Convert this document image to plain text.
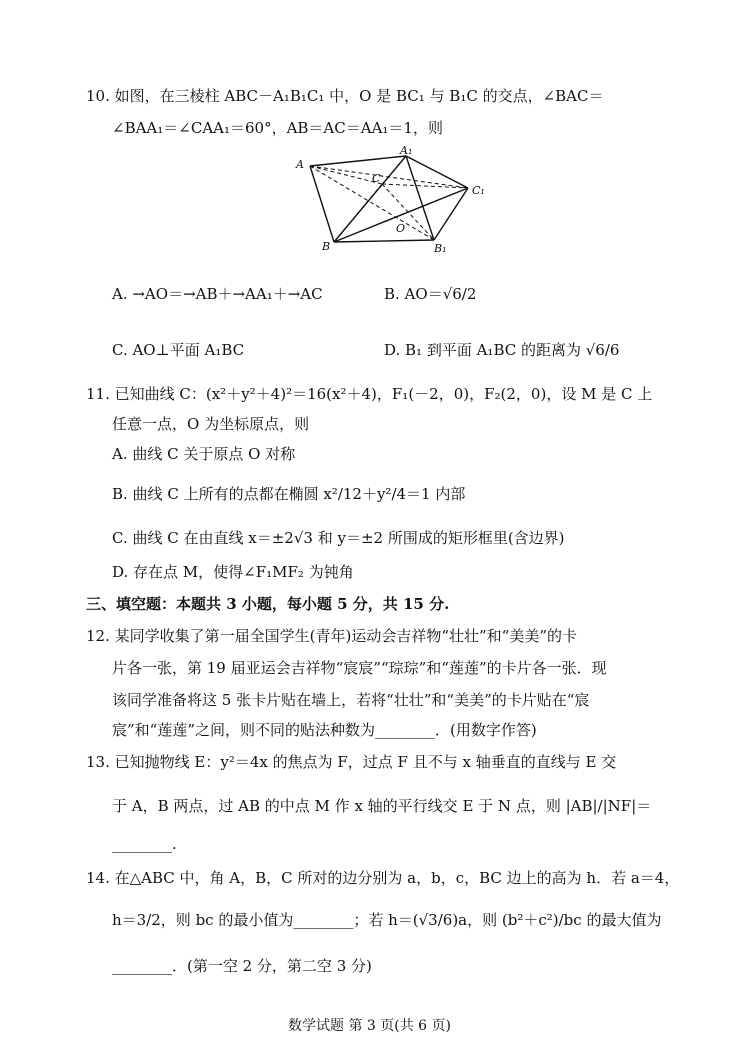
10. 如图，在三棱柱 ABC－A₁B₁C₁ 中，O 是 BC₁ 与 B₁C 的交点，∠BAC＝
∠BAA₁＝∠CAA₁＝60°，AB＝AC＝AA₁＝1，则
A
A₁
C
C₁
O
B	B₁
A. →AO＝→AB＋→AA₁＋→AC	B. AO＝√6/2
C. AO⊥平面 A₁BC	D. B₁ 到平面 A₁BC 的距离为 √6/6
11. 已知曲线 C：(x²＋y²＋4)²＝16(x²＋4)，F₁(－2，0)，F₂(2，0)，设 M 是 C 上
任意一点，O 为坐标原点，则
A. 曲线 C 关于原点 O 对称
B. 曲线 C 上所有的点都在椭圆 x²/12＋y²/4＝1 内部
C. 曲线 C 在由直线 x＝±2√3 和 y＝±2 所围成的矩形框里(含边界)
D. 存在点 M，使得∠F₁MF₂ 为钝角
三、填空题：本题共 3 小题，每小题 5 分，共 15 分.
12. 某同学收集了第一届全国学生(青年)运动会吉祥物“壮壮”和“美美”的卡
片各一张，第 19 届亚运会吉祥物“宸宸”“琮琮”和“莲莲”的卡片各一张．现
该同学准备将这 5 张卡片贴在墙上，若将“壮壮”和“美美”的卡片贴在“宸
宸”和“莲莲”之间，则不同的贴法种数为________．(用数字作答)
13. 已知抛物线 E：y²＝4x 的焦点为 F，过点 F 且不与 x 轴垂直的直线与 E 交
于 A，B 两点，过 AB 的中点 M 作 x 轴的平行线交 E 于 N 点，则 |AB|/|NF|＝
________.
14. 在△ABC 中，角 A，B，C 所对的边分别为 a，b，c，BC 边上的高为 h．若 a＝4，
h＝3/2，则 bc 的最小值为________；若 h＝(√3/6)a，则 (b²＋c²)/bc 的最大值为
________．(第一空 2 分，第二空 3 分)
数学试题 第 3 页(共 6 页)
